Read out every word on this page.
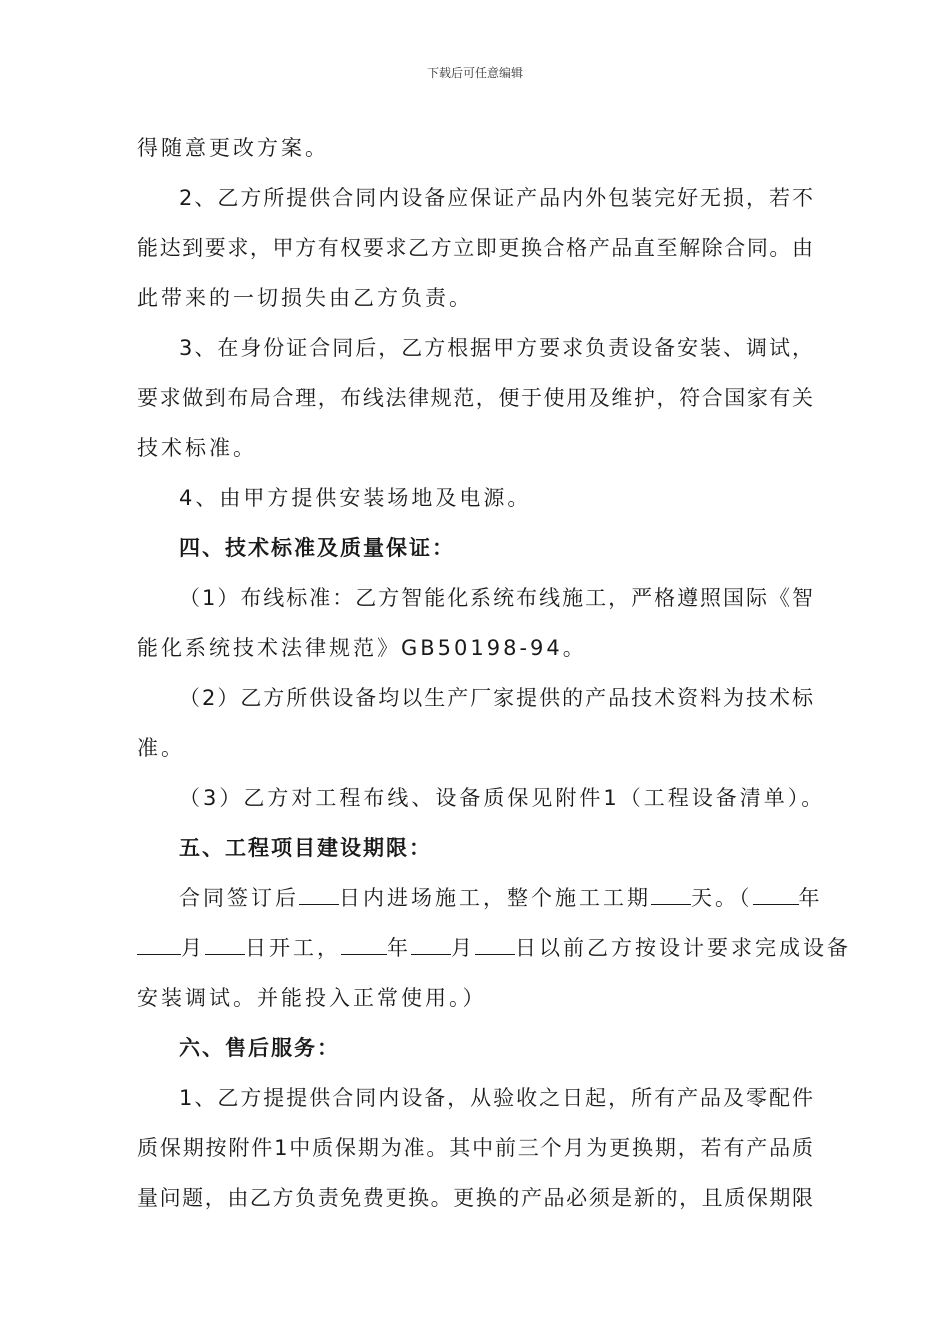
下载后可任意编辑
得随意更改方案。
2、乙方所提供合同内设备应保证产品内外包装完好无损，若不
能达到要求，甲方有权要求乙方立即更换合格产品直至解除合同。由
此带来的一切损失由乙方负责。
3、在身份证合同后，乙方根据甲方要求负责设备安装、调试，
要求做到布局合理，布线法律规范，便于使用及维护，符合国家有关
技术标准。
4、由甲方提供安装场地及电源。
四、技术标准及质量保证：
（1）布线标准：乙方智能化系统布线施工，严格遵照国际《智
能化系统技术法律规范》GB50198-94。
（2）乙方所供设备均以生产厂家提供的产品技术资料为技术标
准。
（3）乙方对工程布线、设备质保见附件1（工程设备清单）。
五、工程项目建设期限：
合同签订后 日内进场施工，整个施工工期 天。（ 年
月 日开工， 年 月 日以前乙方按设计要求完成设备
安装调试。并能投入正常使用。）
六、售后服务：
1、乙方提提供合同内设备，从验收之日起，所有产品及零配件
质保期按附件1中质保期为准。其中前三个月为更换期，若有产品质
量问题，由乙方负责免费更换。更换的产品必须是新的，且质保期限
